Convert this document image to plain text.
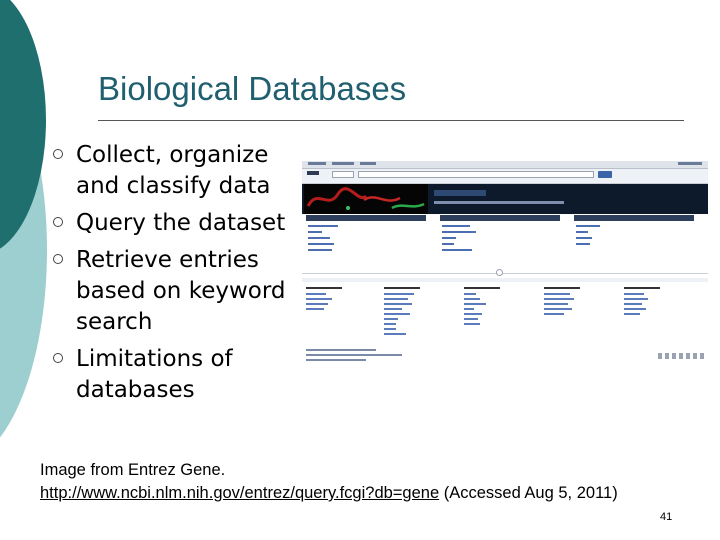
Biological Databases
Collect, organize and classify data
Query the dataset
Retrieve entries based on keyword search
Limitations of databases
Image from Entrez Gene.
http://www.ncbi.nlm.nih.gov/entrez/query.fcgi?db=gene (Accessed Aug 5, 2011)
41
